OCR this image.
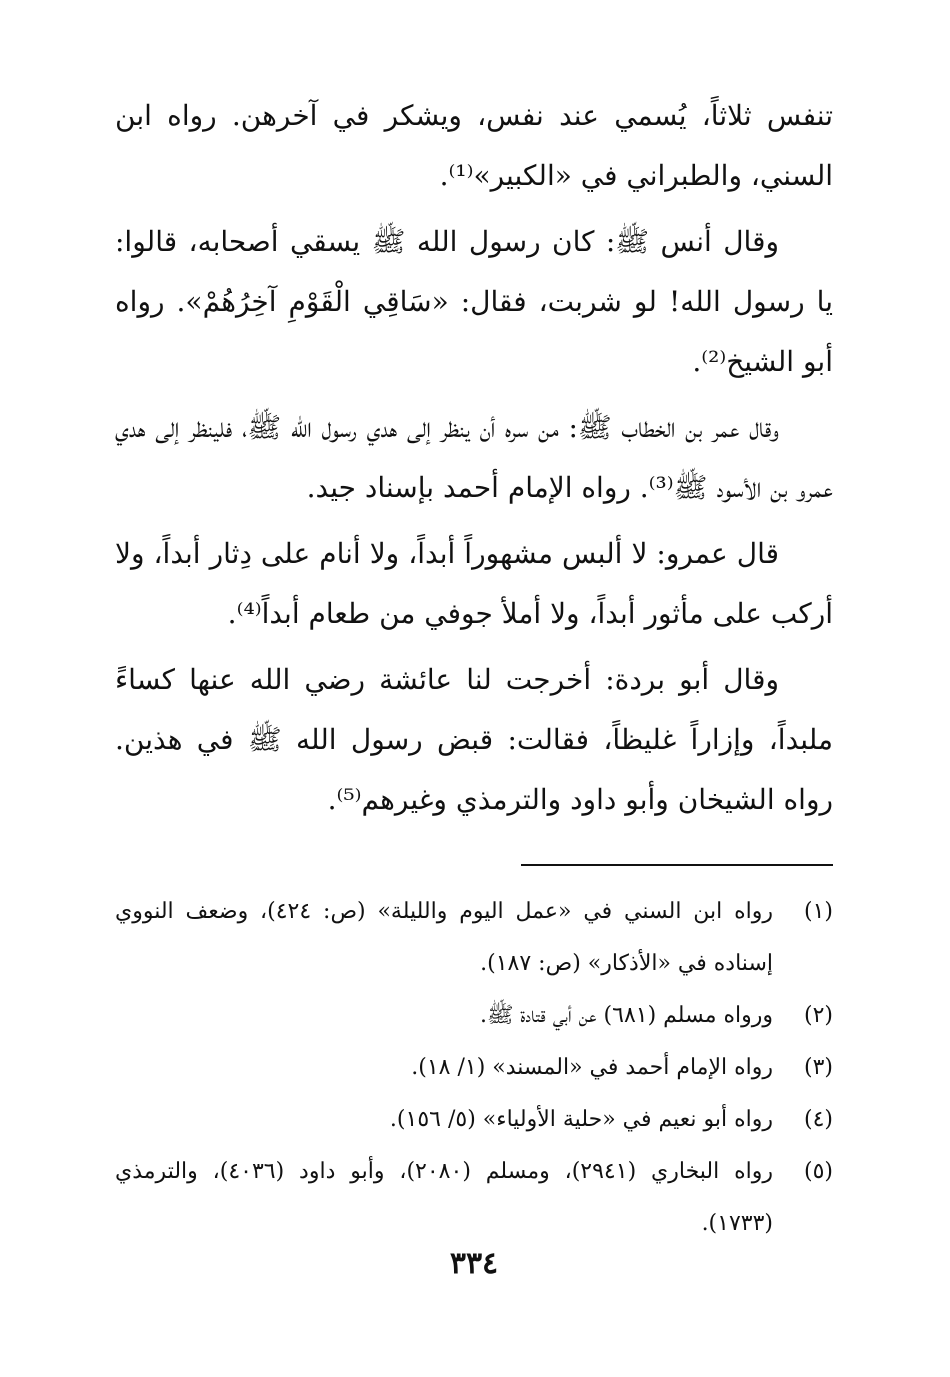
تنفس ثلاثاً، يُسمي عند نفس، ويشكر في آخرهن. رواه ابن السني، والطبراني في «الكبير»⁽¹⁾.

وقال أنس ﷺ: كان رسول الله ﷺ يسقي أصحابه، قالوا: يا رسول الله! لو شربت، فقال: «سَاقِي الْقَوْمِ آخِرُهُمْ». رواه أبو الشيخ⁽²⁾.

وقال عمر بن الخطاب ﷺ: من سره أن ينظر إلى هدي رسول الله ﷺ، فلينظر إلى هدي عمرو بن الأسود ﷺ⁽³⁾. رواه الإمام أحمد بإسناد جيد.

قال عمرو: لا ألبس مشهوراً أبداً، ولا أنام على دِثار أبداً، ولا أركب على مأثور أبداً، ولا أملأ جوفي من طعام أبداً⁽⁴⁾.

وقال أبو بردة: أخرجت لنا عائشة رضي الله عنها كساءً ملبداً، وإزاراً غليظاً، فقالت: قبض رسول الله ﷺ في هذين. رواه الشيخان وأبو داود والترمذي وغيرهم⁽⁵⁾.

(١)
رواه ابن السني في «عمل اليوم والليلة» (ص: ٤٢٤)، وضعف النووي إسناده في «الأذكار» (ص: ١٨٧).
(٢)
ورواه مسلم (٦٨١) عن أبي قتادة ﷺ.
(٣)
رواه الإمام أحمد في «المسند» (١/ ١٨).
(٤)
رواه أبو نعيم في «حلية الأولياء» (٥/ ١٥٦).
(٥)
رواه البخاري (٢٩٤١)، ومسلم (٢٠٨٠)، وأبو داود (٤٠٣٦)، والترمذي (١٧٣٣).
٣٣٤
